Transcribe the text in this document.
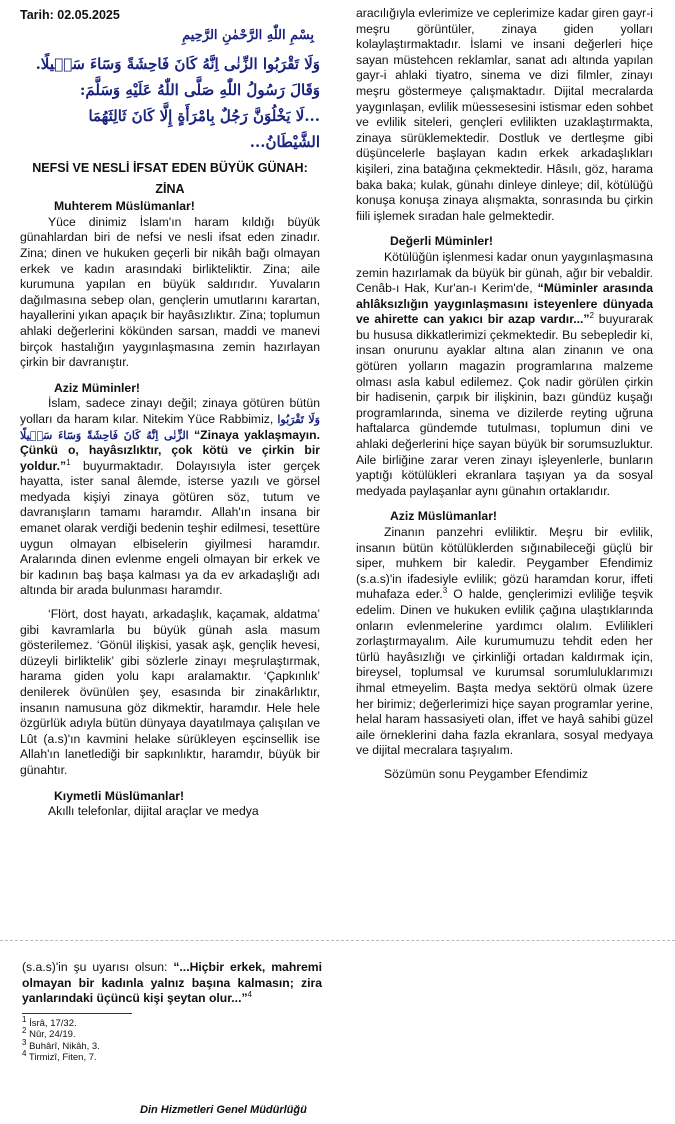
Tarih: 02.05.2025
بِسْمِ اللّٰهِ الرَّحْمٰنِ الرَّحِيمِ
وَلَا تَقْرَبُوا الزِّنٰى اِنَّهُ كَانَ فَاحِشَةً وَسَٓاءَ سَب۪يلًا.
وَقَالَ رَسُولُ اللّٰهِ صَلَّى اللّٰهُ عَلَيْهِ وَسَلَّمَ:
...لَا يَخْلُوَنَّ رَجُلٌ بِامْرَأَةٍ إِلَّا كَانَ ثَالِثَهُمَا الشَّيْطَانُ...
NEFSİ VE NESLİ İFSAT EDEN BÜYÜK GÜNAH:
ZİNA
Muhterem Müslümanlar!

Yüce dinimiz İslam'ın haram kıldığı büyük günahlardan biri de nefsi ve nesli ifsat eden zinadır. Zina; dinen ve hukuken geçerli bir nikâh bağı olmayan erkek ve kadın arasındaki birlikteliktir. Zina; aile kurumuna yapılan en büyük saldırıdır. Yuvaların dağılmasına sebep olan, gençlerin umutlarını karartan, hayallerini yıkan apaçık bir hayâsızlıktır. Zina; toplumun ahlaki değerlerini kökünden sarsan, maddi ve manevi birçok hastalığın yaygınlaşmasına zemin hazırlayan çirkin bir davranıştır.

Aziz Müminler!

İslam, sadece zinayı değil; zinaya götüren bütün yolları da haram kılar. Nitekim Yüce Rabbimiz, وَلَا تَقْرَبُوا الزِّنٰى اِنَّهُ كَانَ فَاحِشَةً وَسَٓاءَ سَب۪يلًا “Zinaya yaklaşmayın. Çünkü o, hayâsızlıktır, çok kötü ve çirkin bir yoldur.”$^1$ buyurmaktadır. Dolayısıyla ister gerçek hayatta, ister sanal âlemde, isterse yazılı ve görsel medyada kişiyi zinaya götüren söz, tutum ve davranışların tamamı haramdır. Allah'ın insana bir emanet olarak verdiği bedenin teşhir edilmesi, tesettüre uygun olmayan elbiselerin giyilmesi haramdır. Aralarında dinen evlenme engeli olmayan bir erkek ve bir kadının baş başa kalması ya da ev arkadaşlığı adı altında bir arada bulunması haramdır.

‘Flört, dost hayatı, arkadaşlık, kaçamak, aldatma’ gibi kavramlarla bu büyük günah asla masum gösterilemez. ‘Gönül ilişkisi, yasak aşk, gençlik hevesi, düzeyli birliktelik’ gibi sözlerle zinayı meşrulaştırmak, harama giden yolu kapı aralamaktır. ‘Çapkınlık’ denilerek övünülen şey, esasında bir zinakârlıktır, insanın namusuna göz dikmektir, haramdır. Hele hele özgürlük adıyla bütün dünyaya dayatılmaya çalışılan ve Lût (a.s)'ın kavmini helake sürükleyen eşcinsellik ise Allah'ın lanetlediği bir sapkınlıktır, haramdır, büyük bir günahtır.

Kıymetli Müslümanlar!

Akıllı telefonlar, dijital araçlar ve medya

aracılığıyla evlerimize ve ceplerimize kadar giren gayr-i meşru görüntüler, zinaya giden yolları kolaylaştırmaktadır. İslami ve insani değerleri hiçe sayan müstehcen reklamlar, sanat adı altında yapılan gayr-i ahlaki tiyatro, sinema ve dizi filmler, zinayı meşru göstermeye çalışmaktadır. Dijital mecralarda yaygınlaşan, evlilik müessesesini istismar eden sohbet ve evlilik siteleri, gençleri evlilikten uzaklaştırmakta, zinaya sürüklemektedir. Dostluk ve dertleşme gibi düşüncelerle başlayan kadın erkek arkadaşlıkları kişileri, zina batağına çekmektedir. Hâsılı, göz, harama baka baka; kulak, günahı dinleye dinleye; dil, kötülüğü konuşa konuşa zinaya alışmakta, sonrasında bu çirkin fiili işlemek sıradan hale gelmektedir.

Değerli Müminler!

Kötülüğün işlenmesi kadar onun yaygınlaşmasına zemin hazırlamak da büyük bir günah, ağır bir vebaldir. Cenâb-ı Hak, Kur'an-ı Kerim'de, “Müminler arasında ahlâksızlığın yaygınlaşmasını isteyenlere dünyada ve ahirette can yakıcı bir azap vardır...”$^2$ buyurarak bu hususa dikkatlerimizi çekmektedir. Bu sebepledir ki, insan onurunu ayaklar altına alan zinanın ve ona götüren yolların magazin programlarına malzeme olması asla kabul edilemez. Çok nadir görülen çirkin bir hadisenin, çarpık bir ilişkinin, bazı gündüz kuşağı programlarında, sinema ve dizilerde reyting uğruna haftalarca gündemde tutulması, toplumun dini ve ahlaki değerlerini hiçe sayan büyük bir sorumsuzluktur. Aile birliğine zarar veren zinayı işleyenlerle, bunların yaptığı kötülükleri ekranlara taşıyan ya da sosyal medyada paylaşanlar aynı günahın ortaklarıdır.

Aziz Müslümanlar!

Zinanın panzehri evliliktir. Meşru bir evlilik, insanın bütün kötülüklerden sığınabileceği güçlü bir siper, muhkem bir kaledir. Peygamber Efendimiz (s.a.s)'in ifadesiyle evlilik; gözü haramdan korur, iffeti muhafaza eder.$^3$ O halde, gençlerimizi evliliğe teşvik edelim. Dinen ve hukuken evlilik çağına ulaştıklarında onların evlenmelerine yardımcı olalım. Evlilikleri zorlaştırmayalım. Aile kurumumuzu tehdit eden her türlü hayâsızlığı ve çirkinliği ortadan kaldırmak için, bireysel, toplumsal ve kurumsal sorumluluklarımızı ihmal etmeyelim. Başta medya sektörü olmak üzere her birimiz; değerlerimizi hiçe sayan programlar yerine, helal haram hassasiyeti olan, iffet ve hayâ sahibi güzel aile örneklerini daha fazla ekranlara, sosyal medyaya ve dijital mecralara taşıyalım.

Sözümün sonu Peygamber Efendimiz

(s.a.s)'in şu uyarısı olsun: “...Hiçbir erkek, mahremi olmayan bir kadınla yalnız başına kalmasın; zira yanlarındaki üçüncü kişi şeytan olur...”$^4$
$^1$ İsrâ, 17/32.
$^2$ Nûr, 24/19.
$^3$ Buhârî, Nikâh, 3.
$^4$ Tirmizî, Fiten, 7.
Din Hizmetleri Genel Müdürlüğü
